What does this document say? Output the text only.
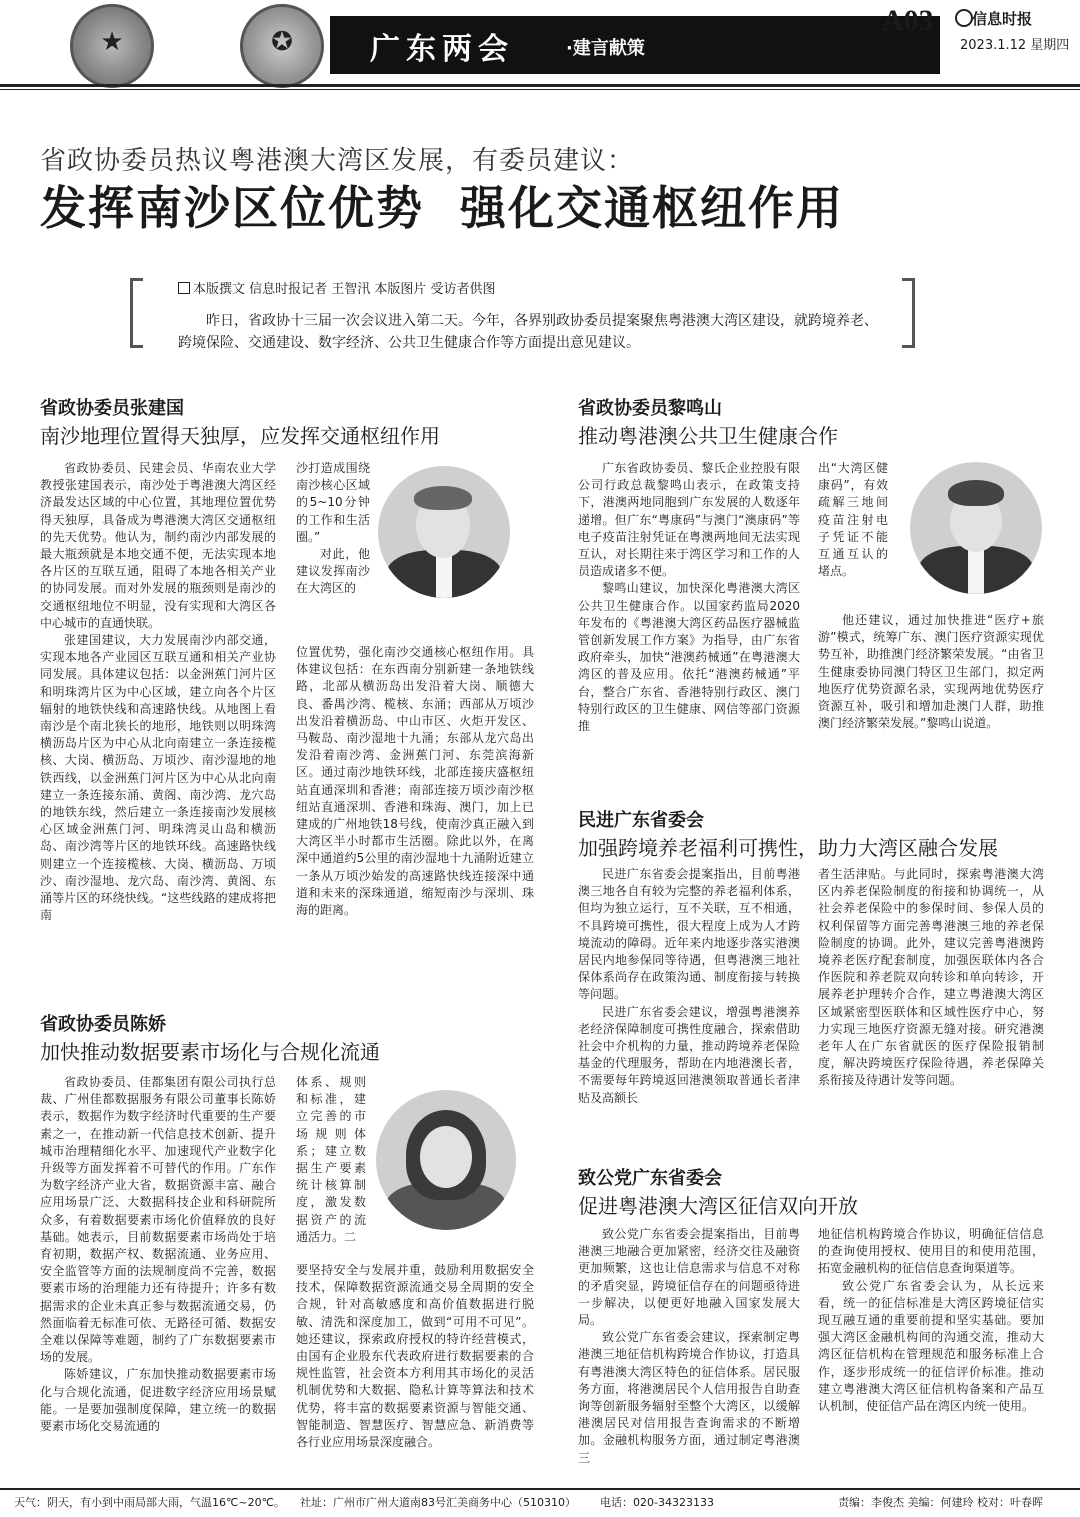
★	✪	广东两会	·建言献策
A03	信息时报
2023.1.12 星期四
省政协委员热议粤港澳大湾区发展，有委员建议：
发挥南沙区位优势  强化交通枢纽作用
本版撰文 信息时报记者 王智汛 本版图片 受访者供图
昨日，省政协十三届一次会议进入第二天。今年，各界别政协委员提案聚焦粤港澳大湾区建设，就跨境养老、跨境保险、交通建设、数字经济、公共卫生健康合作等方面提出意见建议。
省政协委员张建国
南沙地理位置得天独厚，应发挥交通枢纽作用

省政协委员、民建会员、华南农业大学教授张建国表示，南沙处于粤港澳大湾区经济最发达区域的中心位置，其地理位置优势得天独厚，具备成为粤港澳大湾区交通枢纽的先天优势。他认为，制约南沙内部发展的最大瓶颈就是本地交通不便，无法实现本地各片区的互联互通，阻碍了本地各相关产业的协同发展。而对外发展的瓶颈则是南沙的交通枢纽地位不明显，没有实现和大湾区各中心城市的直通快联。

张建国建议，大力发展南沙内部交通，实现本地各产业园区互联互通和相关产业协同发展。具体建议包括：以金洲蕉门河片区和明珠湾片区为中心区域，建立向各个片区辐射的地铁快线和高速路快线。从地图上看南沙是个南北狭长的地形，地铁则以明珠湾横沥岛片区为中心从北向南建立一条连接榄核、大岗、横沥岛、万顷沙、南沙湿地的地铁西线，以金洲蕉门河片区为中心从北向南建立一条连接东涌、黄阁、南沙湾、龙穴岛的地铁东线，然后建立一条连接南沙发展核心区域金洲蕉门河、明珠湾灵山岛和横沥岛、南沙湾等片区的地铁环线。高速路快线则建立一个连接榄核、大岗、横沥岛、万顷沙、南沙湿地、龙穴岛、南沙湾、黄阁、东涌等片区的环绕快线。“这些线路的建成将把南

沙打造成围绕南沙核心区域的5~10分钟的工作和生活圈。”

对此，他建议发挥南沙在大湾区的

位置优势，强化南沙交通核心枢纽作用。具体建议包括：在东西南分别新建一条地铁线路，北部从横沥岛出发沿着大岗、顺德大良、番禺沙湾、榄核、东涌；西部从万顷沙出发沿着横沥岛、中山市区、火炬开发区、马鞍岛、南沙湿地十九涌；东部从龙穴岛出发沿着南沙湾、金洲蕉门河、东莞滨海新区。通过南沙地铁环线，北部连接庆盛枢纽站直通深圳和香港；南部连接万顷沙南沙枢纽站直通深圳、香港和珠海、澳门，加上已建成的广州地铁18号线，使南沙真正融入到大湾区半小时都市生活圈。除此以外，在离深中通道约5公里的南沙湿地十九涌附近建立一条从万顷沙始发的高速路快线连接深中通道和未来的深珠通道，缩短南沙与深圳、珠海的距离。

省政协委员黎鸣山
推动粤港澳公共卫生健康合作

广东省政协委员、黎氏企业控股有限公司行政总裁黎鸣山表示，在政策支持下，港澳两地同胞到广东发展的人数逐年递增。但广东“粤康码”与澳门“澳康码”等电子疫苗注射凭证在粤澳两地间无法实现互认，对长期往来于湾区学习和工作的人员造成诸多不便。

黎鸣山建议，加快深化粤港澳大湾区公共卫生健康合作。以国家药监局2020年发布的《粤港澳大湾区药品医疗器械监管创新发展工作方案》为指导，由广东省政府牵头，加快“港澳药械通”在粤港澳大湾区的普及应用。依托“港澳药械通”平台，整合广东省、香港特别行政区、澳门特别行政区的卫生健康、网信等部门资源推

出“大湾区健康码”，有效疏解三地间疫苗注射电子凭证不能互通互认的堵点。

他还建议，通过加快推进“医疗+旅游”模式，统筹广东、澳门医疗资源实现优势互补，助推澳门经济繁荣发展。“由省卫生健康委协同澳门特区卫生部门，拟定两地医疗优势资源名录，实现两地优势医疗资源互补，吸引和增加赴澳门人群，助推澳门经济繁荣发展。”黎鸣山说道。

民进广东省委会
加强跨境养老福利可携性，助力大湾区融合发展

民进广东省委会提案指出，目前粤港澳三地各自有较为完整的养老福利体系，但均为独立运行，互不关联，互不相通，不具跨境可携性，很大程度上成为人才跨境流动的障碍。近年来内地逐步落实港澳居民内地参保同等待遇，但粤港澳三地社保体系尚存在政策沟通、制度衔接与转换等问题。

民进广东省委会建议，增强粤港澳养老经济保障制度可携性度融合，探索借助社会中介机构的力量，推动跨境养老保险基金的代理服务，帮助在内地港澳长者，不需要每年跨境返回港澳领取普通长者津贴及高额长

者生活津贴。与此同时，探索粤港澳大湾区内养老保险制度的衔接和协调统一，从社会养老保险中的参保时间、参保人员的权利保留等方面完善粤港澳三地的养老保险制度的协调。此外，建议完善粤港澳跨境养老医疗配套制度，加强医联体内各合作医院和养老院双向转诊和单向转诊，开展养老护理转介合作，建立粤港澳大湾区区域紧密型医联体和区域性医疗中心，努力实现三地医疗资源无缝对接。研究港澳老年人在广东省就医的医疗保险报销制度，解决跨境医疗保险待遇，养老保障关系衔接及待遇计发等问题。

省政协委员陈娇
加快推动数据要素市场化与合规化流通

省政协委员、佳都集团有限公司执行总裁、广州佳都数据服务有限公司董事长陈娇表示，数据作为数字经济时代重要的生产要素之一，在推动新一代信息技术创新、提升城市治理精细化水平、加速现代产业数字化升级等方面发挥着不可替代的作用。广东作为数字经济产业大省，数据资源丰富、融合应用场景广泛、大数据科技企业和科研院所众多，有着数据要素市场化价值释放的良好基础。她表示，目前数据要素市场尚处于培育初期，数据产权、数据流通、业务应用、安全监管等方面的法规制度尚不完善，数据要素市场的治理能力还有待提升；许多有数据需求的企业未真正参与数据流通交易，仍然面临着无标准可依、无路径可循、数据安全难以保障等难题，制约了广东数据要素市场的发展。

陈娇建议，广东加快推动数据要素市场化与合规化流通，促进数字经济应用场景赋能。一是要加强制度保障，建立统一的数据要素市场化交易流通的

体系、规则和标准，建立完善的市场规则体系；建立数据生产要素统计核算制度，激发数据资产的流通活力。二

要坚持安全与发展并重，鼓励利用数据安全技术，保障数据资源流通交易全周期的安全合规，针对高敏感度和高价值数据进行脱敏、清洗和深度加工，做到“可用不可见”。她还建议，探索政府授权的特许经营模式，由国有企业股东代表政府进行数据要素的合规性监管，社会资本方利用其市场化的灵活机制优势和大数据、隐私计算等算法和技术优势，将丰富的数据要素资源与智能交通、智能制造、智慧医疗、智慧应急、新消费等各行业应用场景深度融合。

致公党广东省委会
促进粤港澳大湾区征信双向开放

致公党广东省委会提案指出，目前粤港澳三地融合更加紧密，经济交往及融资更加频繁，这也让信息需求与信息不对称的矛盾突显，跨境征信存在的问题亟待进一步解决，以便更好地融入国家发展大局。

致公党广东省委会建议，探索制定粤港澳三地征信机构跨境合作协议，打造具有粤港澳大湾区特色的征信体系。居民服务方面，将港澳居民个人信用报告自助查询等创新服务辐射至整个大湾区，以缓解港澳居民对信用报告查询需求的不断增加。金融机构服务方面，通过制定粤港澳三

地征信机构跨境合作协议，明确征信信息的查询使用授权、使用目的和使用范围，拓宽金融机构的征信信息查询渠道等。

致公党广东省委会认为，从长远来看，统一的征信标准是大湾区跨境征信实现互融互通的重要前提和坚实基础。要加强大湾区金融机构间的沟通交流，推动大湾区征信机构在管理规范和服务标准上合作，逐步形成统一的征信评价标准。推动建立粤港澳大湾区征信机构备案和产品互认机制，使征信产品在湾区内统一使用。

天气：阴天，有小到中雨局部大雨，气温16℃~20℃。 社址：广州市广州大道南83号汇美商务中心（510310） 电话：020-34323133	责编：李俊杰 美编：何建玲 校对：叶春晖
